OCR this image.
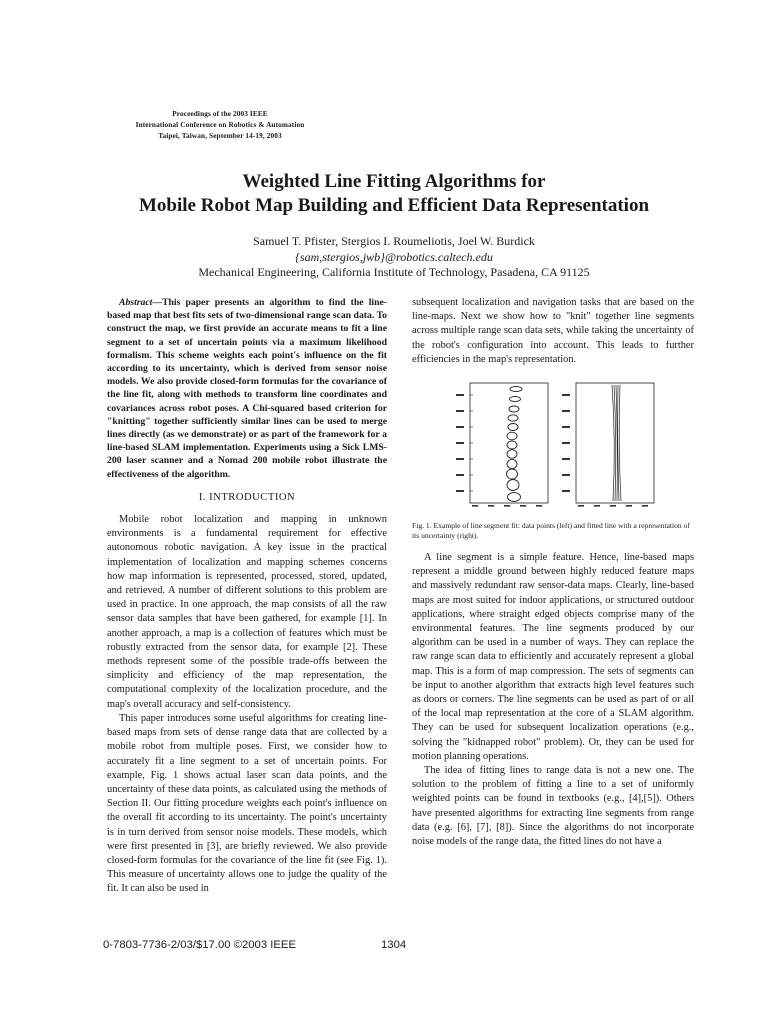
Proceedings of the 2003 IEEE
International Conference on Robotics & Automation
Taipei, Taiwan, September 14-19, 2003
Weighted Line Fitting Algorithms for
Mobile Robot Map Building and Efficient Data Representation
Samuel T. Pfister, Stergios I. Roumeliotis, Joel W. Burdick
{sam,stergios,jwb}@robotics.caltech.edu
Mechanical Engineering, California Institute of Technology, Pasadena, CA 91125

Abstract—This paper presents an algorithm to find the line-based map that best fits sets of two-dimensional range scan data. To construct the map, we first provide an accurate means to fit a line segment to a set of uncertain points via a maximum likelihood formalism. This scheme weights each point's influence on the fit according to its uncertainty, which is derived from sensor noise models. We also provide closed-form formulas for the covariance of the line fit, along with methods to transform line coordinates and covariances across robot poses. A Chi-squared based criterion for "knitting" together sufficiently similar lines can be used to merge lines directly (as we demonstrate) or as part of the framework for a line-based SLAM implementation. Experiments using a Sick LMS-200 laser scanner and a Nomad 200 mobile robot illustrate the effectiveness of the algorithm.

I. INTRODUCTION

Mobile robot localization and mapping in unknown environments is a fundamental requirement for effective autonomous robotic navigation. A key issue in the practical implementation of localization and mapping schemes concerns how map information is represented, processed, stored, updated, and retrieved. A number of different solutions to this problem are used in practice. In one approach, the map consists of all the raw sensor data samples that have been gathered, for example [1]. In another approach, a map is a collection of features which must be robustly extracted from the sensor data, for example [2]. These methods represent some of the possible trade-offs between the simplicity and efficiency of the map representation, the computational complexity of the localization procedure, and the map's overall accuracy and self-consistency.

This paper introduces some useful algorithms for creating line-based maps from sets of dense range data that are collected by a mobile robot from multiple poses. First, we consider how to accurately fit a line segment to a set of uncertain points. For example, Fig. 1 shows actual laser scan data points, and the uncertainty of these data points, as calculated using the methods of Section II. Our fitting procedure weights each point's influence on the overall fit according to its uncertainty. The point's uncertainty is in turn derived from sensor noise models. These models, which were first presented in [3], are briefly reviewed. We also provide closed-form formulas for the covariance of the line fit (see Fig. 1). This measure of uncertainty allows one to judge the quality of the fit. It can also be used in

subsequent localization and navigation tasks that are based on the line-maps. Next we show how to "knit" together line segments across multiple range scan data sets, while taking the uncertainty of the robot's configuration into account. This leads to further efficiencies in the map's representation.

Fig. 1. Example of line segment fit: data points (left) and fitted line with a representation of its uncertainty (right).

A line segment is a simple feature. Hence, line-based maps represent a middle ground between highly reduced feature maps and massively redundant raw sensor-data maps. Clearly, line-based maps are most suited for indoor applications, or structured outdoor applications, where straight edged objects comprise many of the environmental features. The line segments produced by our algorithm can be used in a number of ways. They can replace the raw range scan data to efficiently and accurately represent a global map. This is a form of map compression. The sets of segments can be input to another algorithm that extracts high level features such as doors or corners. The line segments can be used as part of or all of the local map representation at the core of a SLAM algorithm. They can be used for subsequent localization operations (e.g., solving the "kidnapped robot" problem). Or, they can be used for motion planning operations.

The idea of fitting lines to range data is not a new one. The solution to the problem of fitting a line to a set of uniformly weighted points can be found in textbooks (e.g., [4],[5]). Others have presented algorithms for extracting line segments from range data (e.g. [6], [7], [8]). Since the algorithms do not incorporate noise models of the range data, the fitted lines do not have a

0-7803-7736-2/03/$17.00 ©2003 IEEE	1304
